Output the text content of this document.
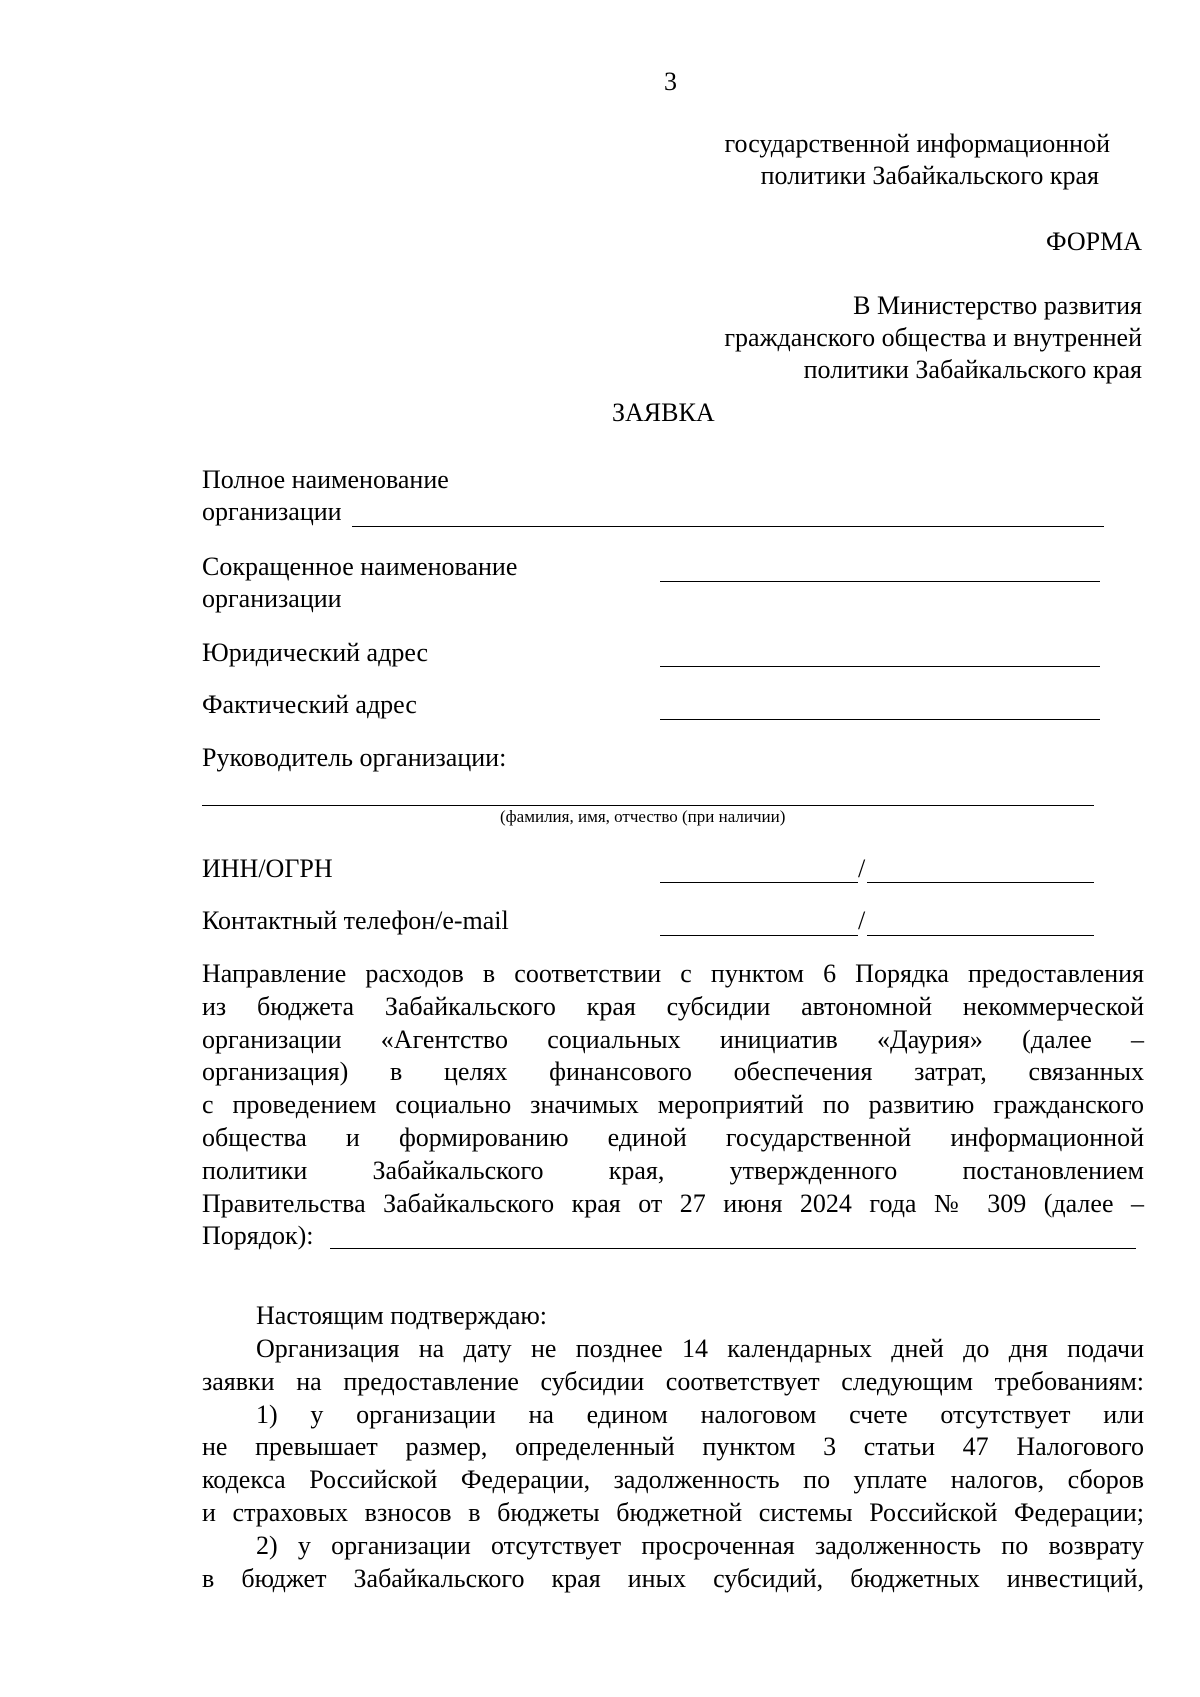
3
государственной информационной
политики Забайкальского края
ФОРМА
В Министерство развития
гражданского общества и внутренней
политики Забайкальского края
ЗАЯВКА
Полное наименование
организации
Сокращенное наименование
организации
Юридический адрес
Фактический адрес
Руководитель организации:
(фамилия, имя, отчество (при наличии)
ИНН/ОГРН	/
Контактный телефон/e-mail	/
Направление расходов в соответствии с пунктом 6 Порядка предоставления
из бюджета Забайкальского края субсидии автономной некоммерческой
организации «Агентство социальных инициатив «Даурия» (далее –
организация) в целях финансового обеспечения затрат, связанных
с проведением социально значимых мероприятий по развитию гражданского
общества и формированию единой государственной информационной
политики Забайкальского края, утвержденного постановлением
Правительства Забайкальского края от 27 июня 2024 года № 309 (далее –
Порядок):
Настоящим подтверждаю:
Организация на дату не позднее 14 календарных дней до дня подачи
заявки на предоставление субсидии соответствует следующим требованиям:
1) у организации на едином налоговом счете отсутствует или
не превышает размер, определенный пунктом 3 статьи 47 Налогового
кодекса Российской Федерации, задолженность по уплате налогов, сборов
и страховых взносов в бюджеты бюджетной системы Российской Федерации;
2) у организации отсутствует просроченная задолженность по возврату
в бюджет Забайкальского края иных субсидий, бюджетных инвестиций,
